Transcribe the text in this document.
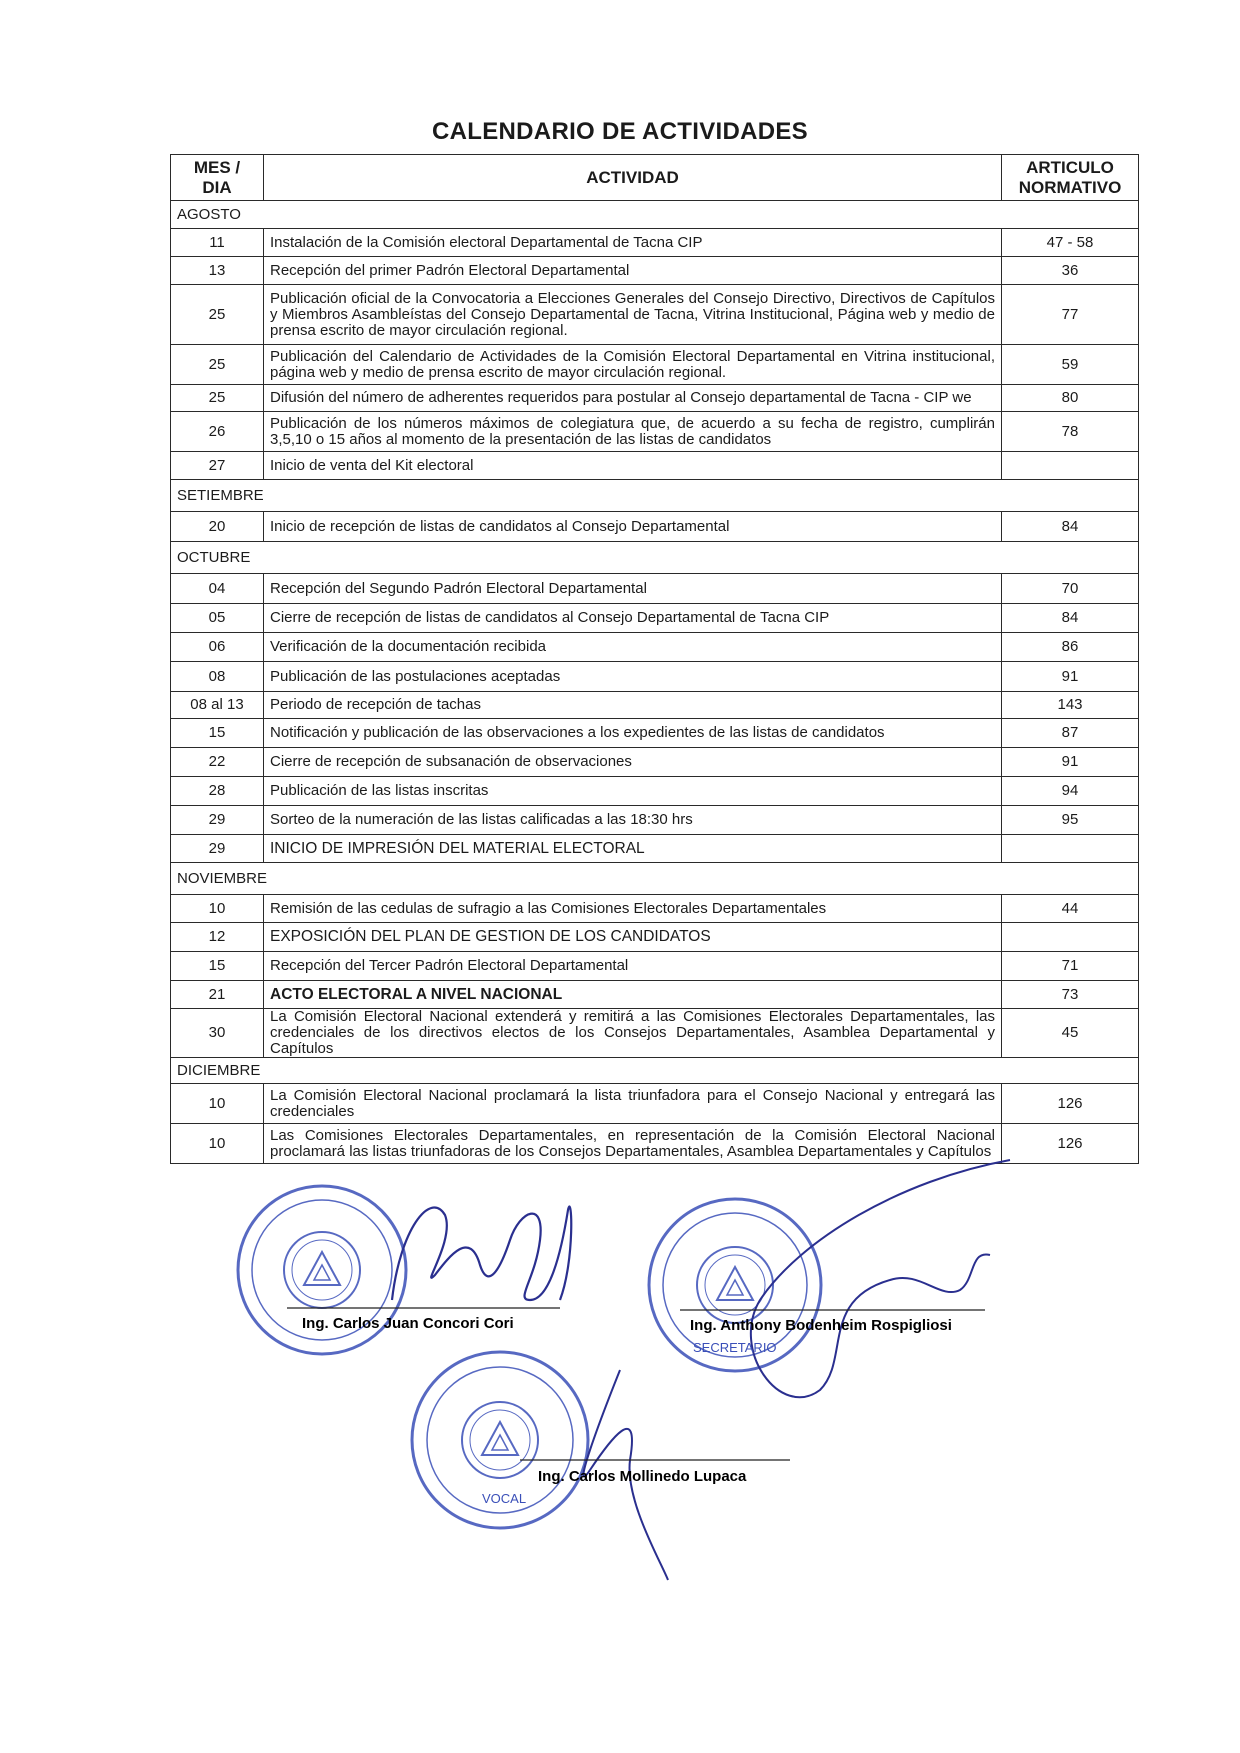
CALENDARIO DE ACTIVIDADES
MES / DIA	ACTIVIDAD	ARTICULO NORMATIVO
AGOSTO		
11	Instalación de la Comisión electoral Departamental de Tacna CIP	47 - 58
13	Recepción del primer Padrón Electoral Departamental	36
25	Publicación oficial de la Convocatoria a Elecciones Generales del Consejo Directivo, Directivos de Capítulos y Miembros Asambleístas del Consejo Departamental de Tacna, Vitrina Institucional, Página web y medio de prensa escrito de mayor circulación regional.	77
25	Publicación del Calendario de Actividades de la Comisión Electoral Departamental en Vitrina institucional, página web y medio de prensa escrito de mayor circulación regional.	59
25	Difusión del número de adherentes requeridos para postular al Consejo departamental de Tacna - CIP we	80
26	Publicación de los números máximos de colegiatura que, de acuerdo a su fecha de registro, cumplirán 3,5,10 o 15 años al momento de la presentación de las listas de candidatos	78
27	Inicio de venta del Kit electoral	
SETIEMBRE		
20	Inicio de recepción de listas de candidatos al Consejo Departamental	84
OCTUBRE		
04	Recepción del Segundo Padrón Electoral Departamental	70
05	Cierre de recepción de listas de candidatos al Consejo Departamental de Tacna CIP	84
06	Verificación de la documentación recibida	86
08	Publicación de las postulaciones aceptadas	91
08 al 13	Periodo de recepción de tachas	143
15	Notificación y publicación de las observaciones a los expedientes de las listas de candidatos	87
22	Cierre de recepción de subsanación de observaciones	91
28	Publicación de las listas inscritas	94
29	Sorteo de la numeración de las listas calificadas a las 18:30 hrs	95
29	INICIO DE IMPRESIÓN DEL MATERIAL ELECTORAL	
NOVIEMBRE		
10	Remisión de las cedulas de sufragio a las Comisiones Electorales Departamentales	44
12	EXPOSICIÓN DEL PLAN DE GESTION DE LOS CANDIDATOS	
15	Recepción del Tercer Padrón Electoral Departamental	71
21	ACTO ELECTORAL A NIVEL NACIONAL	73
30	La Comisión Electoral Nacional extenderá y remitirá a las Comisiones Electorales Departamentales, las credenciales de los directivos electos de los Consejos Departamentales, Asamblea Departamental y Capítulos	45
DICIEMBRE		
10	La Comisión Electoral Nacional proclamará la lista triunfadora para el Consejo Nacional y entregará las credenciales	126
10	Las Comisiones Electorales Departamentales, en representación de la Comisión Electoral Nacional proclamará las listas triunfadoras de los Consejos Departamentales, Asamblea Departamentales y Capítulos	126
Ing. Carlos Juan Concori Cori	Ing. Anthony Bodenheim Rospigliosi
SECRETARIO
Ing. Carlos Mollinedo Lupaca
VOCAL
